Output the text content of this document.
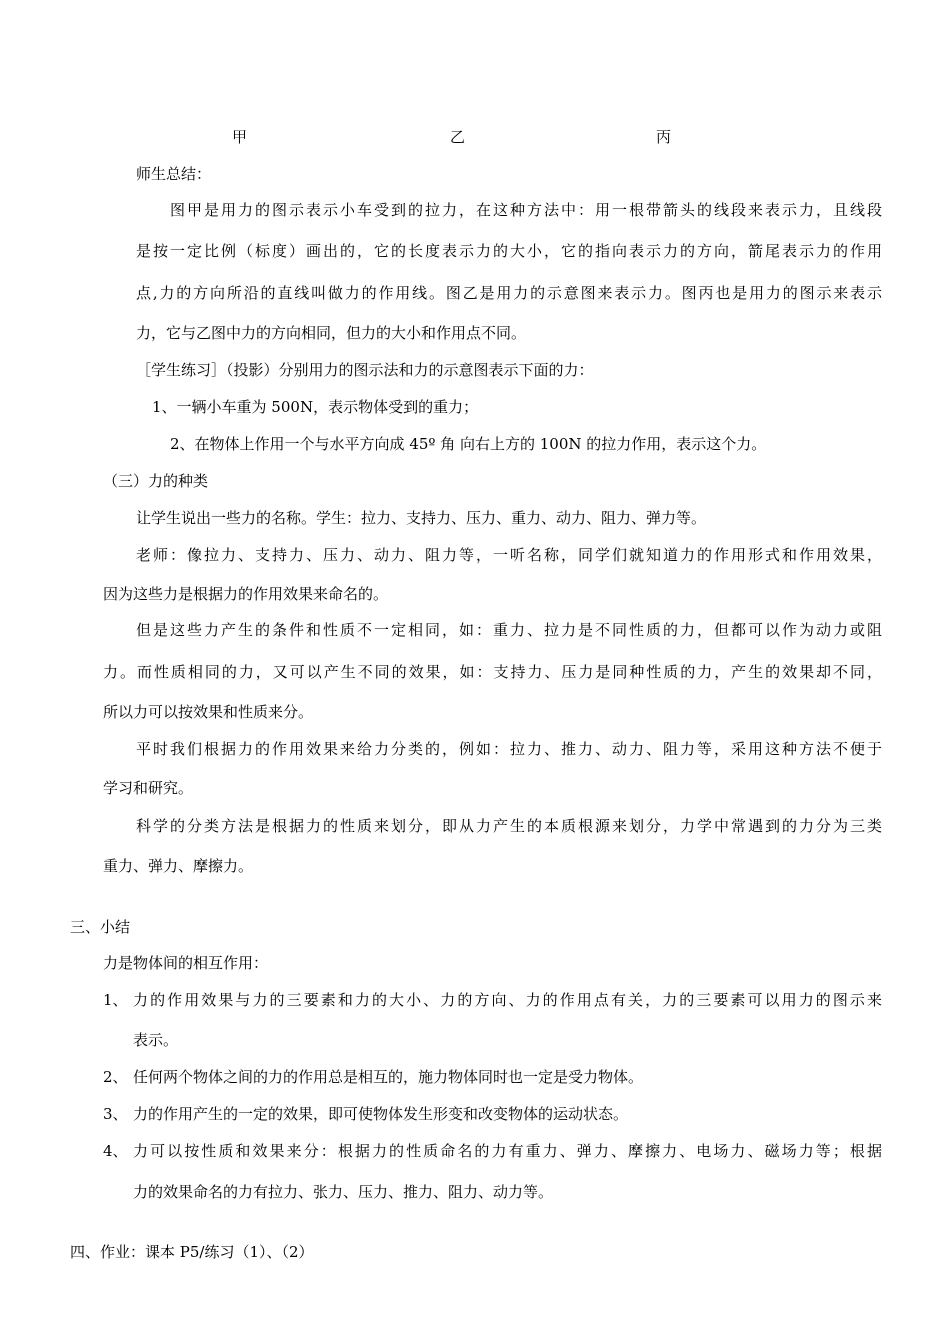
甲	乙	丙
师生总结：
图甲是用力的图示表示小车受到的拉力，在这种方法中：用一根带箭头的线段来表示力，且线段
是按一定比例（标度）画出的，它的长度表示力的大小，它的指向表示力的方向，箭尾表示力的作用
点,力的方向所沿的直线叫做力的作用线。图乙是用力的示意图来表示力。图丙也是用力的图示来表示
力，它与乙图中力的方向相同，但力的大小和作用点不同。
［学生练习］（投影）分别用力的图示法和力的示意图表示下面的力：
1、一辆小车重为 500N，表示物体受到的重力；
2、在物体上作用一个与水平方向成 45º 角 向右上方的 100N 的拉力作用，表示这个力。
（三）力的种类
让学生说出一些力的名称。学生：拉力、支持力、压力、重力、动力、阻力、弹力等。
老师：像拉力、支持力、压力、动力、阻力等，一听名称，同学们就知道力的作用形式和作用效果，
因为这些力是根据力的作用效果来命名的。
但是这些力产生的条件和性质不一定相同，如：重力、拉力是不同性质的力，但都可以作为动力或阻
力。而性质相同的力，又可以产生不同的效果，如：支持力、压力是同种性质的力，产生的效果却不同，
所以力可以按效果和性质来分。
平时我们根据力的作用效果来给力分类的，例如：拉力、推力、动力、阻力等，采用这种方法不便于
学习和研究。
科学的分类方法是根据力的性质来划分，即从力产生的本质根源来划分，力学中常遇到的力分为三类
重力、弹力、摩擦力。
三、小结
力是物体间的相互作用：
1、 力的作用效果与力的三要素和力的大小、力的方向、力的作用点有关，力的三要素可以用力的图示来
表示。
2、 任何两个物体之间的力的作用总是相互的，施力物体同时也一定是受力物体。
3、 力的作用产生的一定的效果，即可使物体发生形变和改变物体的运动状态。
4、 力可以按性质和效果来分：根据力的性质命名的力有重力、弹力、摩擦力、电场力、磁场力等；根据
力的效果命名的力有拉力、张力、压力、推力、阻力、动力等。
四、作业：课本 P5/练习（1）、（2）
